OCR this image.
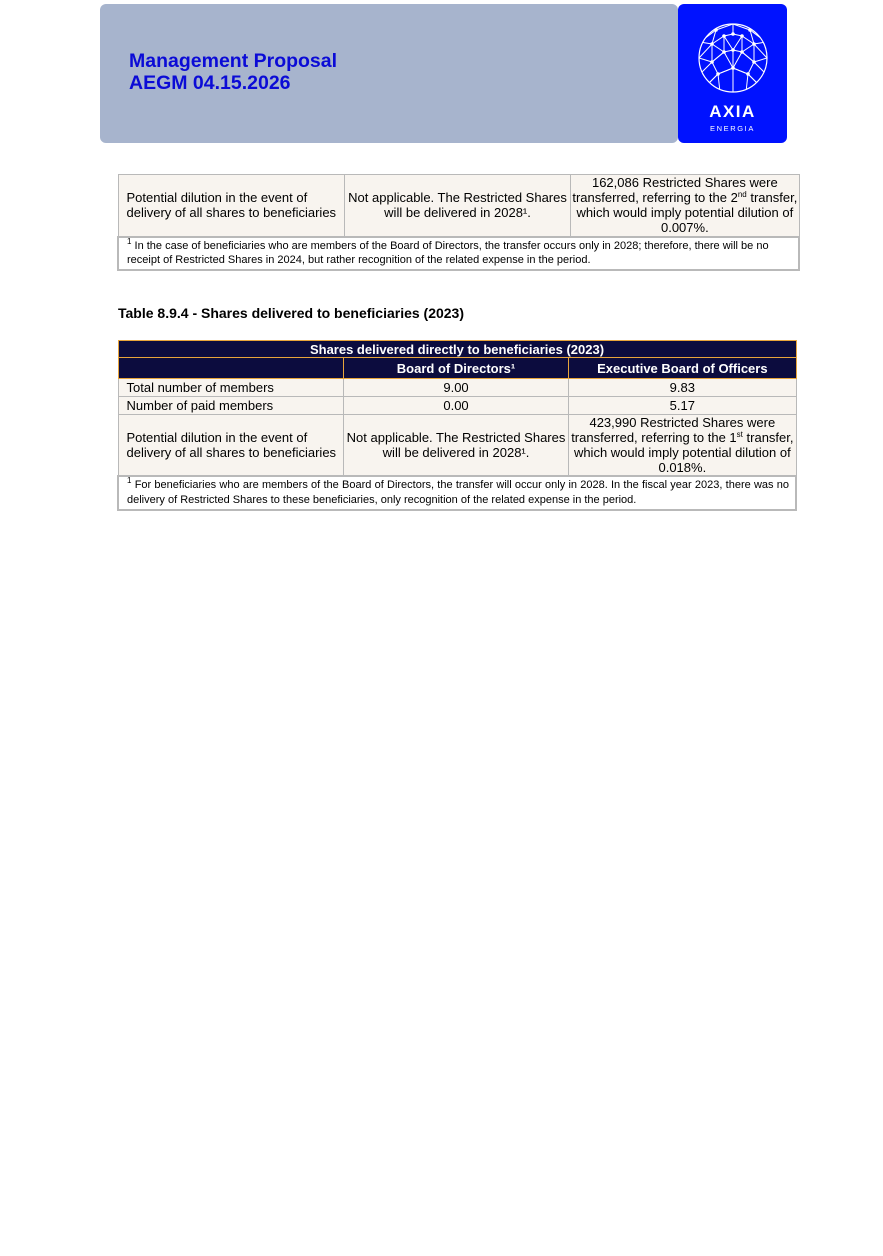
Management Proposal
AEGM 04.15.2026
AXIA
ENERGIA
Potential dilution in the event of delivery of all shares to beneficiaries	Not applicable. The Restricted Shares will be delivered in 2028¹.	162,086 Restricted Shares were transferred, referring to the 2nd transfer, which would imply potential dilution of 0.007%.
$^1$ In the case of beneficiaries who are members of the Board of Directors, the transfer occurs only in 2028; therefore, there will be no receipt of Restricted Shares in 2024, but rather recognition of the related expense in the period.
Table 8.9.4 - Shares delivered to beneficiaries (2023)
Shares delivered directly to beneficiaries (2023)		
	Board of Directors¹	Executive Board of Officers
Total number of members	9.00	9.83
Number of paid members	0.00	5.17
Potential dilution in the event of delivery of all shares to beneficiaries	Not applicable. The Restricted Shares will be delivered in 2028¹.	423,990 Restricted Shares were transferred, referring to the 1st transfer, which would imply potential dilution of 0.018%.
$^1$ For beneficiaries who are members of the Board of Directors, the transfer will occur only in 2028. In the fiscal year 2023, there was no delivery of Restricted Shares to these beneficiaries, only recognition of the related expense in the period.		
